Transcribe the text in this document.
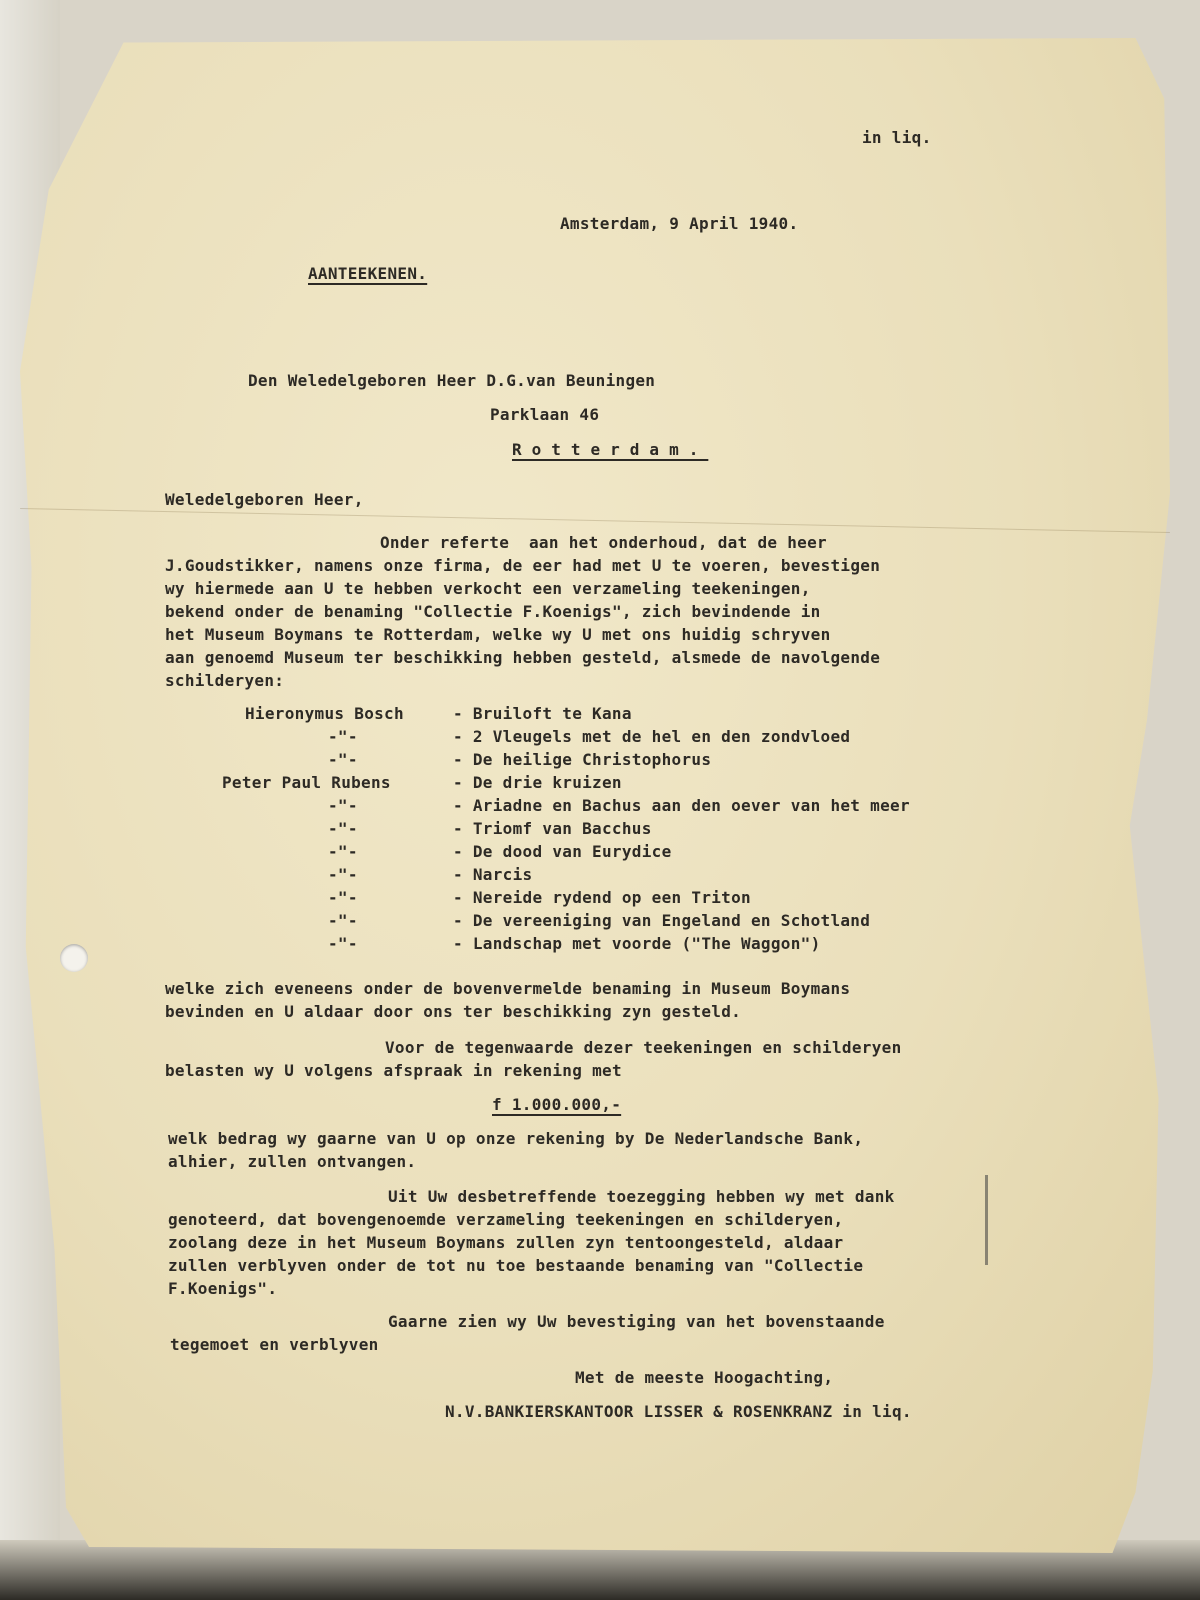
in liq.
Amsterdam, 9 April 1940.
AANTEEKENEN.
Den Weledelgeboren Heer D.G.van Beuningen
Parklaan 46
Rotterdam.
Weledelgeboren Heer,
Onder referte  aan het onderhoud, dat de heer
J.Goudstikker, namens onze firma, de eer had met U te voeren, bevestigen
wy hiermede aan U te hebben verkocht een verzameling teekeningen,
bekend onder de benaming "Collectie F.Koenigs", zich bevindende in
het Museum Boymans te Rotterdam, welke wy U met ons huidig schryven
aan genoemd Museum ter beschikking hebben gesteld, alsmede de navolgende
schilderyen:
Hieronymus Bosch	- Bruiloft te Kana
-"-	- 2 Vleugels met de hel en den zondvloed
-"-	- De heilige Christophorus
Peter Paul Rubens	- De drie kruizen
-"-	- Ariadne en Bachus aan den oever van het meer
-"-	- Triomf van Bacchus
-"-	- De dood van Eurydice
-"-	- Narcis
-"-	- Nereide rydend op een Triton
-"-	- De vereeniging van Engeland en Schotland
-"-	- Landschap met voorde ("The Waggon")
welke zich eveneens onder de bovenvermelde benaming in Museum Boymans
bevinden en U aldaar door ons ter beschikking zyn gesteld.
Voor de tegenwaarde dezer teekeningen en schilderyen
belasten wy U volgens afspraak in rekening met
f 1.000.000,-
welk bedrag wy gaarne van U op onze rekening by De Nederlandsche Bank,
alhier, zullen ontvangen.
Uit Uw desbetreffende toezegging hebben wy met dank
genoteerd, dat bovengenoemde verzameling teekeningen en schilderyen,
zoolang deze in het Museum Boymans zullen zyn tentoongesteld, aldaar
zullen verblyven onder de tot nu toe bestaande benaming van "Collectie
F.Koenigs".
Gaarne zien wy Uw bevestiging van het bovenstaande
tegemoet en verblyven
Met de meeste Hoogachting,
N.V.BANKIERSKANTOOR LISSER & ROSENKRANZ in liq.
